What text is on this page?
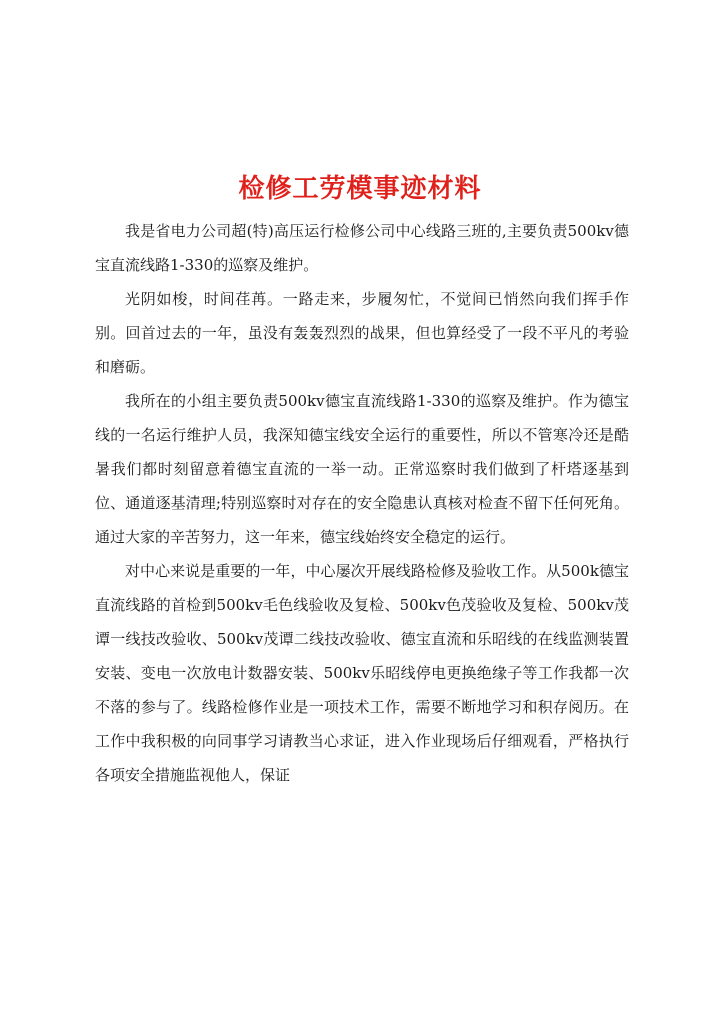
检修工劳模事迹材料

我是省电力公司超(特)高压运行检修公司中心线路三班的,主要负责500kv德宝直流线路1-330的巡察及维护。

光阴如梭，时间荏苒。一路走来，步履匆忙，不觉间已悄然向我们挥手作别。回首过去的一年，虽没有轰轰烈烈的战果，但也算经受了一段不平凡的考验和磨砺。

我所在的小组主要负责500kv德宝直流线路1-330的巡察及维护。作为德宝线的一名运行维护人员，我深知德宝线安全运行的重要性，所以不管寒冷还是酷暑我们都时刻留意着德宝直流的一举一动。正常巡察时我们做到了杆塔逐基到位、通道逐基清理;特别巡察时对存在的安全隐患认真核对检查不留下任何死角。通过大家的辛苦努力，这一年来，德宝线始终安全稳定的运行。

对中心来说是重要的一年，中心屡次开展线路检修及验收工作。从500k德宝直流线路的首检到500kv毛色线验收及复检、500kv色茂验收及复检、500kv茂谭一线技改验收、500kv茂谭二线技改验收、德宝直流和乐昭线的在线监测装置安装、变电一次放电计数器安装、500kv乐昭线停电更换绝缘子等工作我都一次不落的参与了。线路检修作业是一项技术工作，需要不断地学习和积存阅历。在工作中我积极的向同事学习请教当心求证，进入作业现场后仔细观看，严格执行各项安全措施监视他人，保证
